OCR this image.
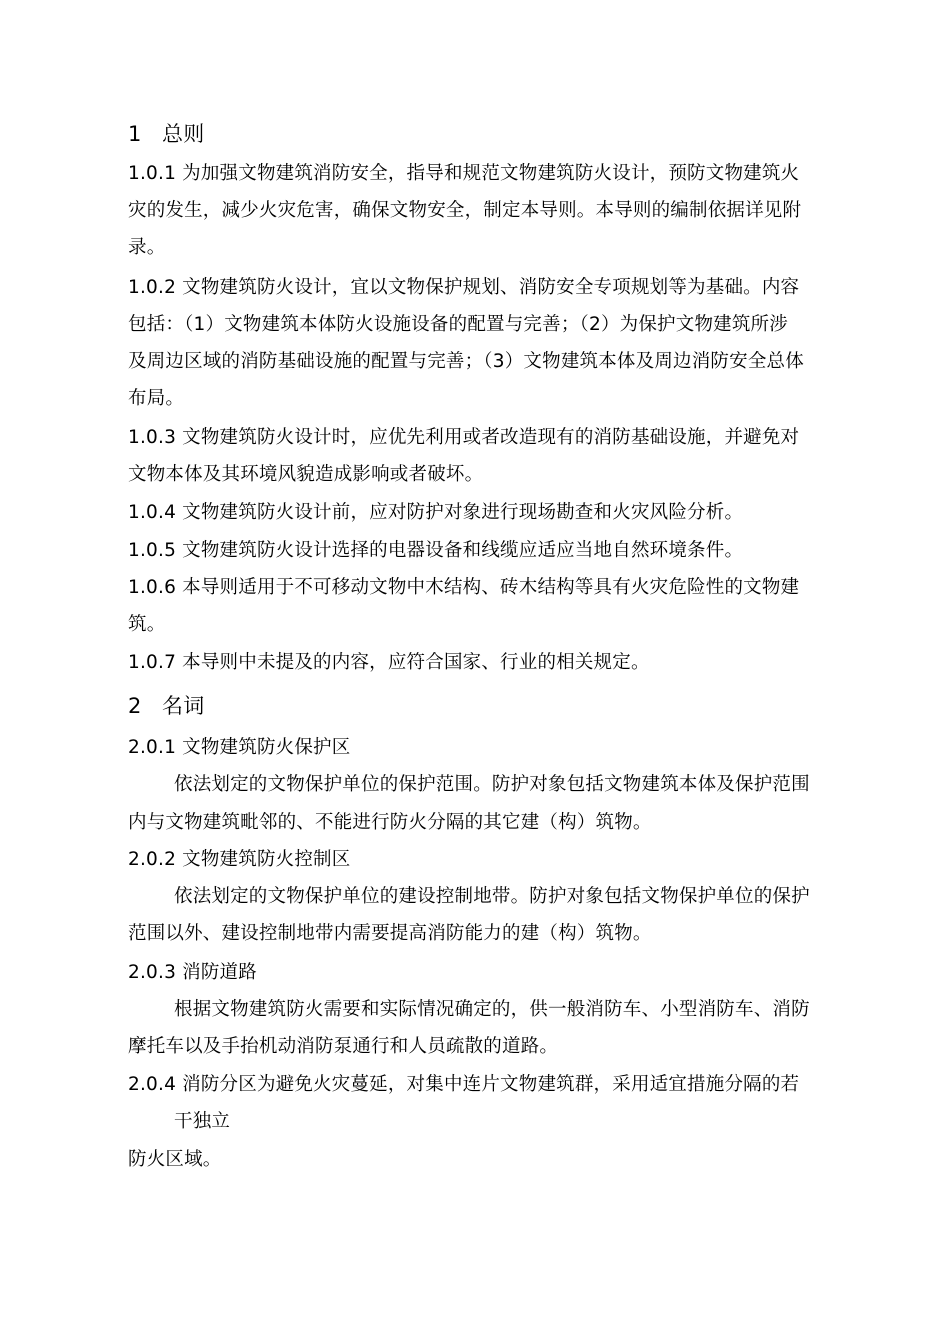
1 总则
1.0.1 为加强文物建筑消防安全，指导和规范文物建筑防火设计，预防文物建筑火
灾的发生，减少火灾危害，确保文物安全，制定本导则。本导则的编制依据详见附
录。
1.0.2 文物建筑防火设计，宜以文物保护规划、消防安全专项规划等为基础。内容
包括：（1）文物建筑本体防火设施设备的配置与完善；（2）为保护文物建筑所涉
及周边区域的消防基础设施的配置与完善；（3）文物建筑本体及周边消防安全总体
布局。
1.0.3 文物建筑防火设计时，应优先利用或者改造现有的消防基础设施，并避免对
文物本体及其环境风貌造成影响或者破坏。
1.0.4 文物建筑防火设计前，应对防护对象进行现场勘查和火灾风险分析。
1.0.5 文物建筑防火设计选择的电器设备和线缆应适应当地自然环境条件。
1.0.6 本导则适用于不可移动文物中木结构、砖木结构等具有火灾危险性的文物建
筑。
1.0.7 本导则中未提及的内容，应符合国家、行业的相关规定。
2 名词
2.0.1 文物建筑防火保护区
依法划定的文物保护单位的保护范围。防护对象包括文物建筑本体及保护范围
内与文物建筑毗邻的、不能进行防火分隔的其它建（构）筑物。
2.0.2 文物建筑防火控制区
依法划定的文物保护单位的建设控制地带。防护对象包括文物保护单位的保护
范围以外、建设控制地带内需要提高消防能力的建（构）筑物。
2.0.3 消防道路
根据文物建筑防火需要和实际情况确定的，供一般消防车、小型消防车、消防
摩托车以及手抬机动消防泵通行和人员疏散的道路。
2.0.4 消防分区为避免火灾蔓延，对集中连片文物建筑群，采用适宜措施分隔的若
干独立
防火区域。
